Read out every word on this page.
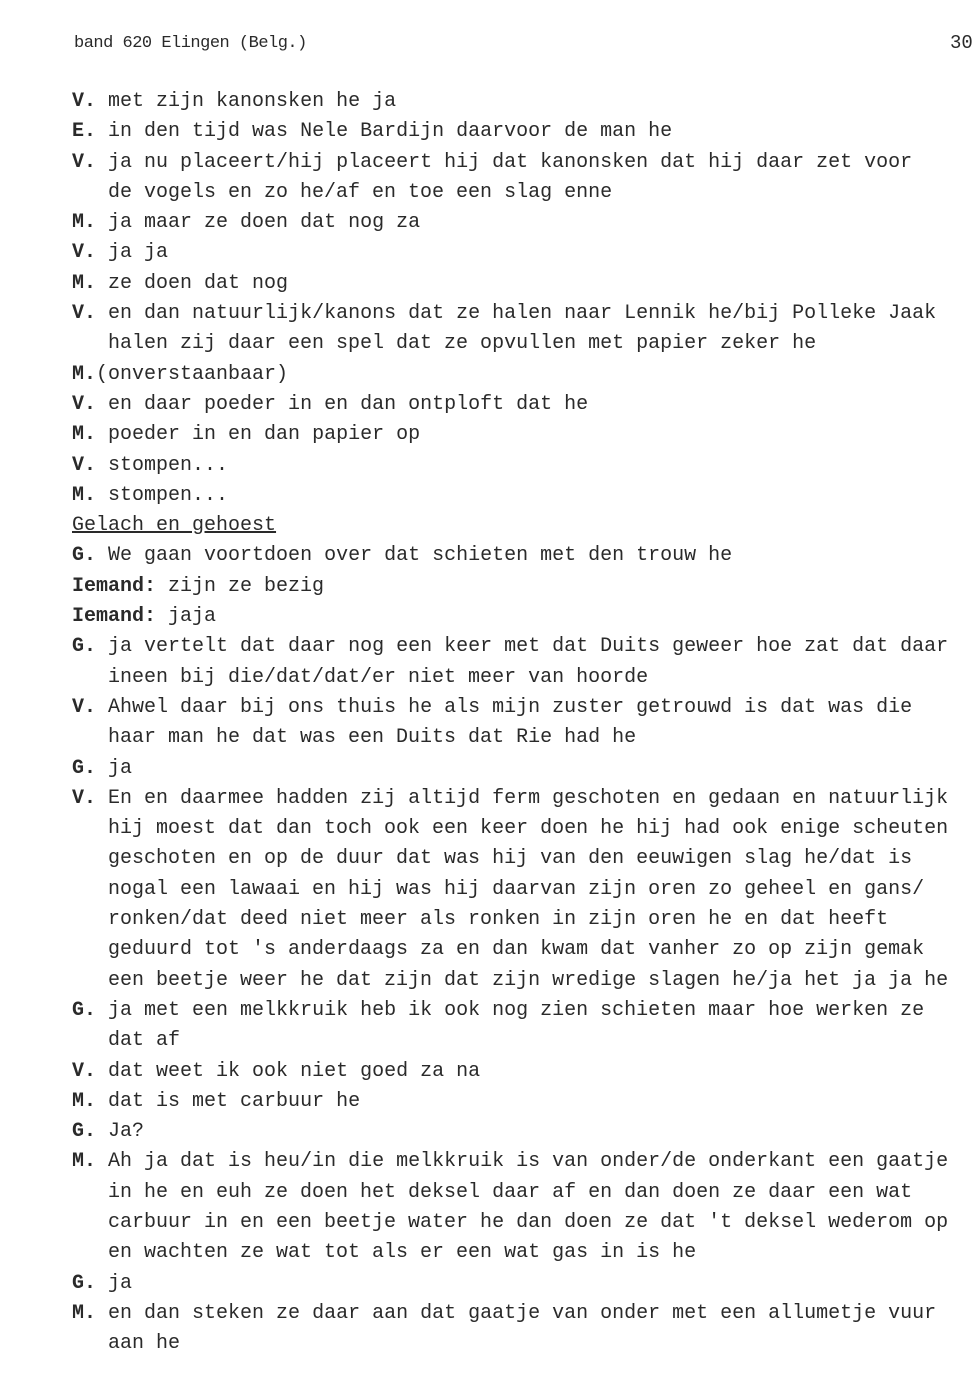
band 620 Elingen (Belg.)	30
V. met zijn kanonsken he ja
E. in den tijd was Nele Bardijn daarvoor de man he
V. ja nu placeert/hij placeert hij dat kanonsken dat hij daar zet voor
de vogels en zo he/af en toe een slag enne
M. ja maar ze doen dat nog za
V. ja ja
M. ze doen dat nog
V. en dan natuurlijk/kanons dat ze halen naar Lennik he/bij Polleke Jaak
halen zij daar een spel dat ze opvullen met papier zeker he
M.(onverstaanbaar)
V. en daar poeder in en dan ontploft dat he
M. poeder in en dan papier op
V. stompen...
M. stompen...
Gelach en gehoest
G. We gaan voortdoen over dat schieten met den trouw he
Iemand: zijn ze bezig
Iemand: jaja
G. ja vertelt dat daar nog een keer met dat Duits geweer hoe zat dat daar
ineen bij die/dat/dat/er niet meer van hoorde
V. Ahwel daar bij ons thuis he als mijn zuster getrouwd is dat was die
haar man he dat was een Duits dat Rie had he
G. ja
V. En en daarmee hadden zij altijd ferm geschoten en gedaan en natuurlijk
hij moest dat dan toch ook een keer doen he hij had ook enige scheuten
geschoten en op de duur dat was hij van den eeuwigen slag he/dat is
nogal een lawaai en hij was hij daarvan zijn oren zo geheel en gans/
ronken/dat deed niet meer als ronken in zijn oren he en dat heeft
geduurd tot 's anderdaags za en dan kwam dat vanher zo op zijn gemak
een beetje weer he dat zijn dat zijn wredige slagen he/ja het ja ja he
G. ja met een melkkruik heb ik ook nog zien schieten maar hoe werken ze
dat af
V. dat weet ik ook niet goed za na
M. dat is met carbuur he
G. Ja?
M. Ah ja dat is heu/in die melkkruik is van onder/de onderkant een gaatje
in he en euh ze doen het deksel daar af en dan doen ze daar een wat
carbuur in en een beetje water he dan doen ze dat 't deksel wederom op
en wachten ze wat tot als er een wat gas in is he
G. ja
M. en dan steken ze daar aan dat gaatje van onder met een allumetje vuur
aan he
